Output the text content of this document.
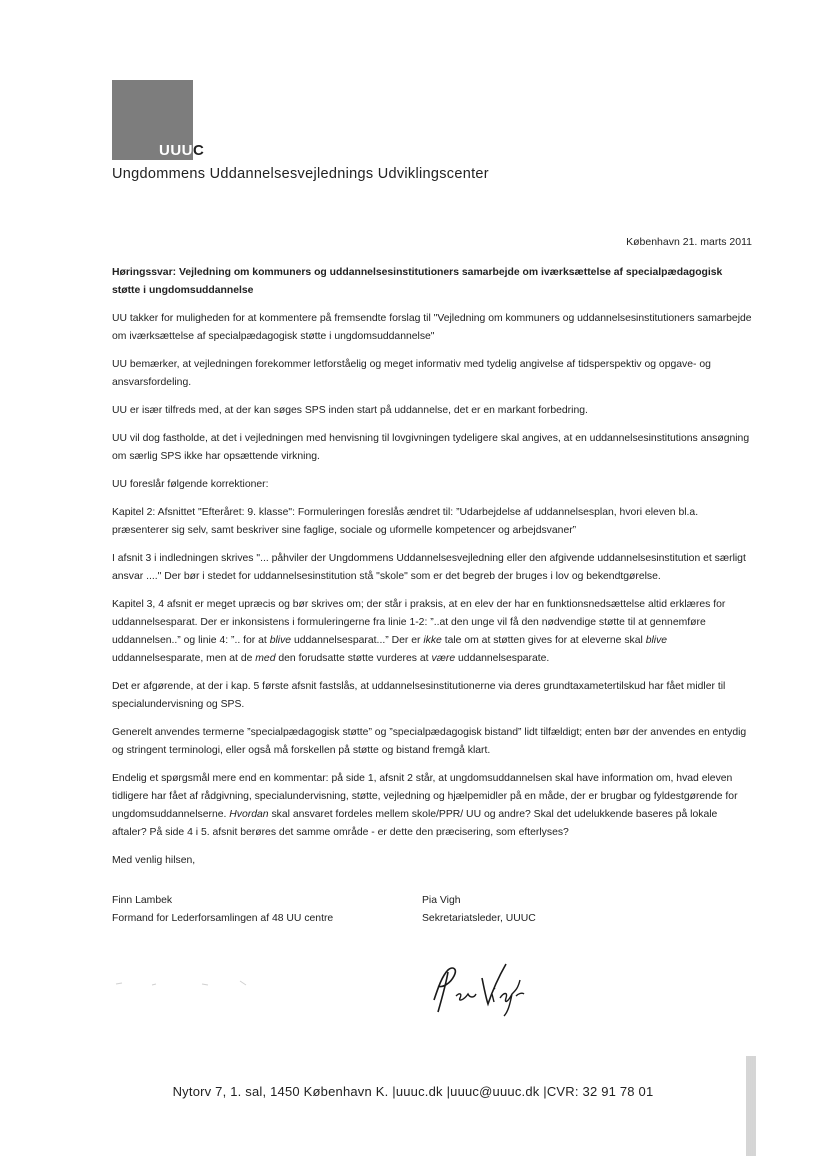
UUUC
Ungdommens Uddannelsesvejlednings Udviklingscenter
København 21. marts 2011

Høringssvar: Vejledning om kommuners og uddannelsesinstitutioners samarbejde om iværksættelse af specialpædagogisk støtte i ungdomsuddannelse

UU takker for muligheden for at kommentere på fremsendte forslag til "Vejledning om kommuners og uddannelsesinstitutioners samarbejde om iværksættelse af specialpædagogisk støtte i ungdomsuddannelse"

UU bemærker, at vejledningen forekommer letforståelig og meget informativ med tydelig angivelse af tidsperspektiv og opgave- og ansvarsfordeling.

UU er især tilfreds med, at der kan søges SPS inden start på uddannelse, det er en markant forbedring.

UU vil dog fastholde, at det i vejledningen med henvisning til lovgivningen tydeligere skal angives, at en uddannelsesinstitutions ansøgning om særlig SPS ikke har opsættende virkning.

UU foreslår følgende korrektioner:

Kapitel 2: Afsnittet "Efteråret: 9. klasse": Formuleringen foreslås ændret til: ”Udarbejdelse af uddannelsesplan, hvori eleven bl.a. præsenterer sig selv, samt beskriver sine faglige, sociale og uformelle kompetencer og arbejdsvaner”

I afsnit 3 i indledningen skrives "... påhviler der Ungdommens Uddannelsesvejledning eller den afgivende uddannelsesinstitution et særligt ansvar ...." Der bør i stedet for uddannelsesinstitution stå "skole" som er det begreb der bruges i lov og bekendtgørelse.

Kapitel 3, 4 afsnit er meget upræcis og bør skrives om; der står i praksis, at en elev der har en funktionsnedsættelse altid erklæres for uddannelsesparat. Der er inkonsistens i formuleringerne fra linie 1-2: ”..at den unge vil få den nødvendige støtte til at gennemføre uddannelsen..” og linie 4: ”.. for at blive uddannelsesparat...” Der er ikke tale om at støtten gives for at eleverne skal blive uddannelsesparate, men at de med den forudsatte støtte vurderes at være uddannelsesparate.

Det er afgørende, at der i kap. 5 første afsnit fastslås, at uddannelsesinstitutionerne via deres grundtaxametertilskud har fået midler til specialundervisning og SPS.

Generelt anvendes termerne ”specialpædagogisk støtte” og ”specialpædagogisk bistand” lidt tilfældigt; enten bør der anvendes en entydig og stringent terminologi, eller også må forskellen på støtte og bistand fremgå klart.

Endelig et spørgsmål mere end en kommentar: på side 1, afsnit 2 står, at ungdomsuddannelsen skal have information om, hvad eleven tidligere har fået af rådgivning, specialundervisning, støtte, vejledning og hjælpemidler på en måde, der er brugbar og fyldestgørende for ungdomsuddannelserne. Hvordan skal ansvaret fordeles mellem skole/PPR/ UU og andre? Skal det udelukkende baseres på lokale aftaler? På side 4 i 5. afsnit berøres det samme område - er dette den præcisering, som efterlyses?

Med venlig hilsen,

Finn Lambek

Formand for Lederforsamlingen af 48 UU centre

Pia Vigh

Sekretariatsleder, UUUC

Nytorv 7, 1. sal, 1450 København K. |uuuc.dk |uuuc@uuuc.dk |CVR: 32 91 78 01
